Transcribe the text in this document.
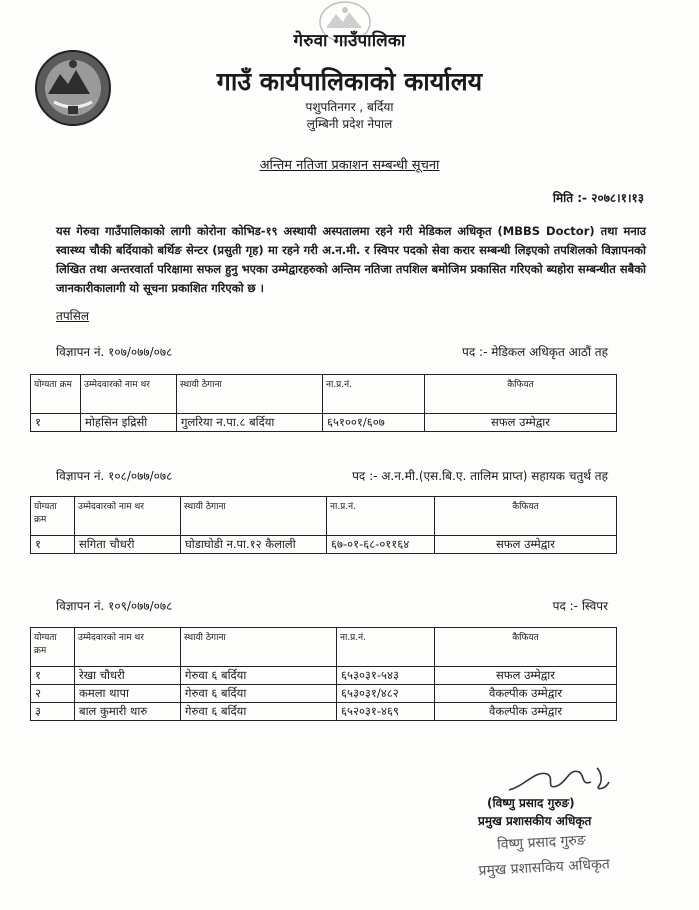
गेरुवा गाउँपालिका
गाउँ कार्यपालिकाको कार्यालय
पशुपतिनगर , बर्दिया
लुम्बिनी प्रदेश नेपाल
अन्तिम नतिजा प्रकाशन सम्बन्धी सूचना
मिति :- २०७८।१।१३
यस गेरुवा गाउँपालिकाको लागी कोरोना कोभिड-१९ अस्थायी अस्पतालमा रहने गरी मेडिकल अधिकृत (MBBS Doctor) तथा मनाउ स्वास्थ्य चौकी बर्दियाको बर्थिङ सेन्टर (प्रसुती गृह) मा रहने गरी अ.न.मी. र स्विपर पदको सेवा करार सम्बन्धी लिइएको तपशिलको विज्ञापनको लिखित तथा अन्तरवार्ता परिक्षामा सफल हुनु भएका उम्मेद्वारहरुको अन्तिम नतिजा तपशिल बमोजिम प्रकासित गरिएको ब्यहोरा सम्बन्धीत सबैको जानकारीकालागी यो सूचना प्रकाशित गरिएको छ ।
तपसिल
विज्ञापन नं. १०७/०७७/०७८	पद :- मेडिकल अधिकृत आठौं तह
योग्यता क्रम	उम्मेदवारको नाम थर	स्थायी ठेगाना	ना.प्र.नं.	कैफियत
१	मोहसिन इद्रिसी	गुलरिया न.पा.८ बर्दिया	६५१००१/६०७	सफल उम्मेद्वार
विज्ञापन नं. १०८/०७७/०७८	पद :- अ.न.मी.(एस.बि.ए. तालिम प्राप्त) सहायक चतुर्थ तह
योग्यता क्रम	उम्मेदवारको नाम थर	स्थायी ठेगाना	ना.प्र.नं.	कैफियत
१	सगिता चौधरी	घोडाघोडी न.पा.१२ कैलाली	६७-०१-६८-०११६४	सफल उम्मेद्वार
विज्ञापन नं. १०९/०७७/०७८	पद :- स्विपर
योग्यता क्रम	उम्मेदवारको नाम थर	स्थायी ठेगाना	ना.प्र.नं.	कैफियत
१	रेखा चौधरी	गेरुवा ६ बर्दिया	६५३०३१-५४३	सफल उम्मेद्वार
२	कमला थापा	गेरुवा ६ बर्दिया	६५३०३१/४८२	वैकल्पीक उम्मेद्वार
३	बाल कुमारी थारु	गेरुवा ६ बर्दिया	६५२०३१-४६९	वैकल्पीक उम्मेद्वार
(विष्णु प्रसाद गुरुङ)
प्रमुख प्रशासकीय अधिकृत
विष्णु प्रसाद गुरुङ
प्रमुख प्रशासकिय अधिकृत
